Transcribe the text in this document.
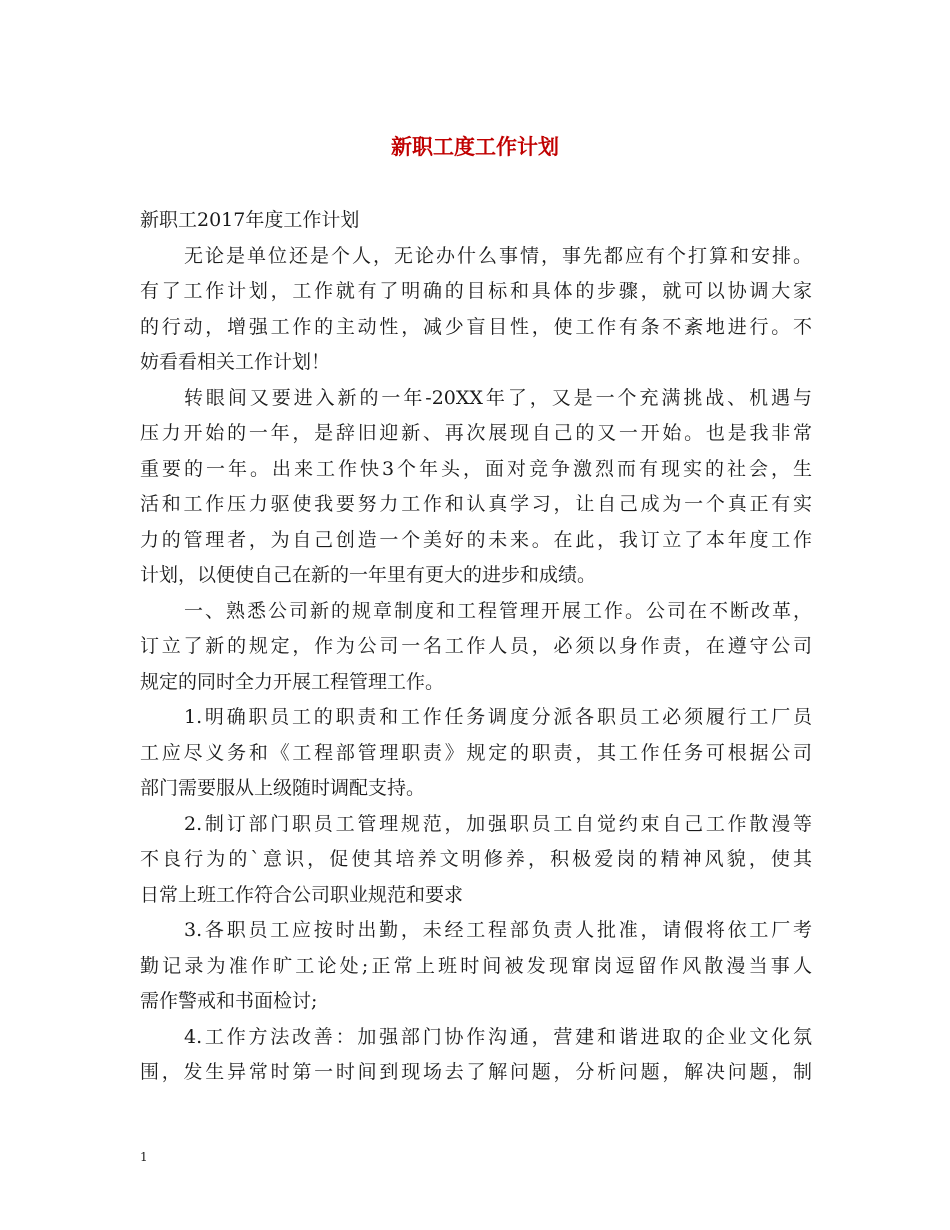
新职工度工作计划
新职工2017年度工作计划
无论是单位还是个人，无论办什么事情，事先都应有个打算和安排。
有了工作计划，工作就有了明确的目标和具体的步骤，就可以协调大家
的行动，增强工作的主动性，减少盲目性，使工作有条不紊地进行。不
妨看看相关工作计划！
转眼间又要进入新的一年-20XX年了，又是一个充满挑战、机遇与
压力开始的一年，是辞旧迎新、再次展现自己的又一开始。也是我非常
重要的一年。出来工作快3个年头，面对竞争激烈而有现实的社会，生
活和工作压力驱使我要努力工作和认真学习，让自己成为一个真正有实
力的管理者，为自己创造一个美好的未来。在此，我订立了本年度工作
计划，以便使自己在新的一年里有更大的进步和成绩。
一、熟悉公司新的规章制度和工程管理开展工作。公司在不断改革，
订立了新的规定，作为公司一名工作人员，必须以身作责，在遵守公司
规定的同时全力开展工程管理工作。
1.明确职员工的职责和工作任务调度分派各职员工必须履行工厂员
工应尽义务和《工程部管理职责》规定的职责，其工作任务可根据公司
部门需要服从上级随时调配支持。
2.制订部门职员工管理规范，加强职员工自觉约束自己工作散漫等
不良行为的`意识，促使其培养文明修养，积极爱岗的精神风貌，使其
日常上班工作符合公司职业规范和要求
3.各职员工应按时出勤，未经工程部负责人批准，请假将依工厂考
勤记录为准作旷工论处;正常上班时间被发现窜岗逗留作风散漫当事人
需作警戒和书面检讨;
4.工作方法改善：加强部门协作沟通，营建和谐进取的企业文化氛
围，发生异常时第一时间到现场去了解问题，分析问题，解决问题，制
1
